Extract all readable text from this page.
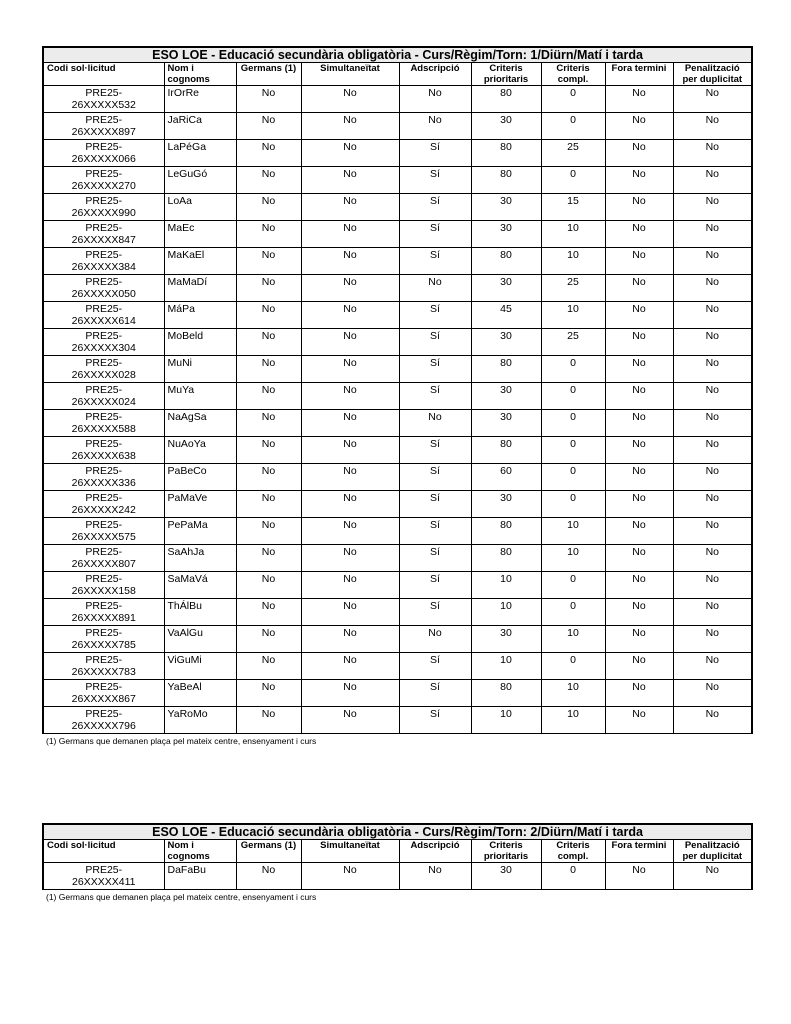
ESO LOE - Educació secundària obligatòria - Curs/Règim/Torn: 1/Diürn/Matí i tarda								
Codi sol·licitud	Nom i cognoms	Germans (1)	Simultaneïtat	Adscripció	Criteris prioritaris	Criteris compl.	Fora termini	Penalització per duplicitat

PRE25-
26XXXXX532	IrOrRe	No	No	No	80	0	No	No

PRE25-
26XXXXX897	JaRiCa	No	No	No	30	0	No	No

PRE25-
26XXXXX066	LaPéGa	No	No	Sí	80	25	No	No

PRE25-
26XXXXX270	LeGuGó	No	No	Sí	80	0	No	No

PRE25-
26XXXXX990	LoAa	No	No	Sí	30	15	No	No

PRE25-
26XXXXX847	MaEc	No	No	Sí	30	10	No	No

PRE25-
26XXXXX384	MaKaEl	No	No	Sí	80	10	No	No

PRE25-
26XXXXX050	MaMaDí	No	No	No	30	25	No	No

PRE25-
26XXXXX614	MáPa	No	No	Sí	45	10	No	No

PRE25-
26XXXXX304	MoBeld	No	No	Sí	30	25	No	No

PRE25-
26XXXXX028	MuNi	No	No	Sí	80	0	No	No

PRE25-
26XXXXX024	MuYa	No	No	Sí	30	0	No	No

PRE25-
26XXXXX588	NaAgSa	No	No	No	30	0	No	No

PRE25-
26XXXXX638	NuAoYa	No	No	Sí	80	0	No	No

PRE25-
26XXXXX336	PaBeCo	No	No	Sí	60	0	No	No

PRE25-
26XXXXX242	PaMaVe	No	No	Sí	30	0	No	No

PRE25-
26XXXXX575	PePaMa	No	No	Sí	80	10	No	No

PRE25-
26XXXXX807	SaAhJa	No	No	Sí	80	10	No	No

PRE25-
26XXXXX158	SaMaVá	No	No	Sí	10	0	No	No

PRE25-
26XXXXX891	ThÁlBu	No	No	Sí	10	0	No	No

PRE25-
26XXXXX785	VaAlGu	No	No	No	30	10	No	No

PRE25-
26XXXXX783	ViGuMi	No	No	Sí	10	0	No	No

PRE25-
26XXXXX867	YaBeAl	No	No	Sí	80	10	No	No

PRE25-
26XXXXX796	YaRoMo	No	No	Sí	10	10	No	No
(1) Germans que demanen plaça pel mateix centre, ensenyament i curs
ESO LOE - Educació secundària obligatòria - Curs/Règim/Torn: 2/Diürn/Matí i tarda								
Codi sol·licitud	Nom i cognoms	Germans (1)	Simultaneïtat	Adscripció	Criteris prioritaris	Criteris compl.	Fora termini	Penalització per duplicitat

PRE25-
26XXXXX411	DaFaBu	No	No	No	30	0	No	No
(1) Germans que demanen plaça pel mateix centre, ensenyament i curs
